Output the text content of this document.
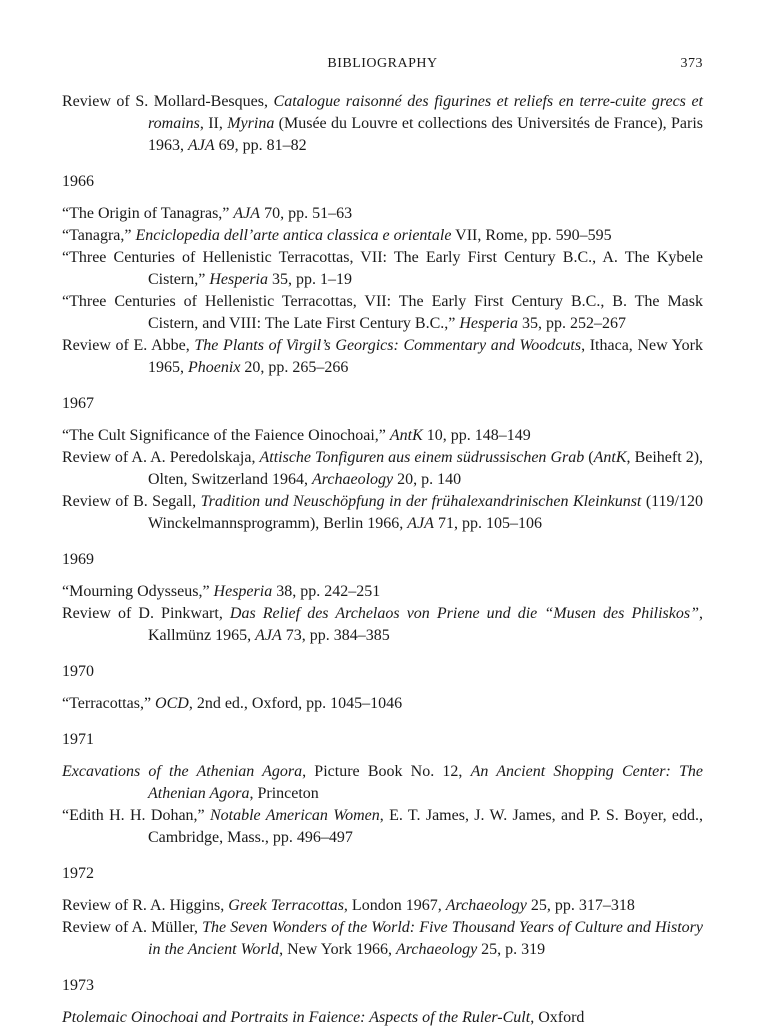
BIBLIOGRAPHY	373

Review of S. Mollard-Besques, Catalogue raisonné des figurines et reliefs en terre-cuite grecs et romains, II, Myrina (Musée du Louvre et collections des Universités de France), Paris 1963, AJA 69, pp. 81–82

1966

“The Origin of Tanagras,” AJA 70, pp. 51–63

“Tanagra,” Enciclopedia dell’arte antica classica e orientale VII, Rome, pp. 590–595

“Three Centuries of Hellenistic Terracottas, VII: The Early First Century B.C., A. The Kybele Cistern,” Hesperia 35, pp. 1–19

“Three Centuries of Hellenistic Terracottas, VII: The Early First Century B.C., B. The Mask Cistern, and VIII: The Late First Century B.C.,” Hesperia 35, pp. 252–267

Review of E. Abbe, The Plants of Virgil’s Georgics: Commentary and Woodcuts, Ithaca, New York 1965, Phoenix 20, pp. 265–266

1967

“The Cult Significance of the Faience Oinochoai,” AntK 10, pp. 148–149

Review of A. A. Peredolskaja, Attische Tonfiguren aus einem südrussischen Grab (AntK, Beiheft 2), Olten, Switzerland 1964, Archaeology 20, p. 140

Review of B. Segall, Tradition und Neuschöpfung in der frühalexandrinischen Kleinkunst (119/120 Winckelmannsprogramm), Berlin 1966, AJA 71, pp. 105–106

1969

“Mourning Odysseus,” Hesperia 38, pp. 242–251

Review of D. Pinkwart, Das Relief des Archelaos von Priene und die “Musen des Philiskos”, Kallmünz 1965, AJA 73, pp. 384–385

1970

“Terracottas,” OCD, 2nd ed., Oxford, pp. 1045–1046

1971

Excavations of the Athenian Agora, Picture Book No. 12, An Ancient Shopping Center: The Athenian Agora, Princeton

“Edith H. H. Dohan,” Notable American Women, E. T. James, J. W. James, and P. S. Boyer, edd., Cambridge, Mass., pp. 496–497

1972

Review of R. A. Higgins, Greek Terracottas, London 1967, Archaeology 25, pp. 317–318

Review of A. Müller, The Seven Wonders of the World: Five Thousand Years of Culture and History in the Ancient World, New York 1966, Archaeology 25, p. 319

1973

Ptolemaic Oinochoai and Portraits in Faience: Aspects of the Ruler-Cult, Oxford
